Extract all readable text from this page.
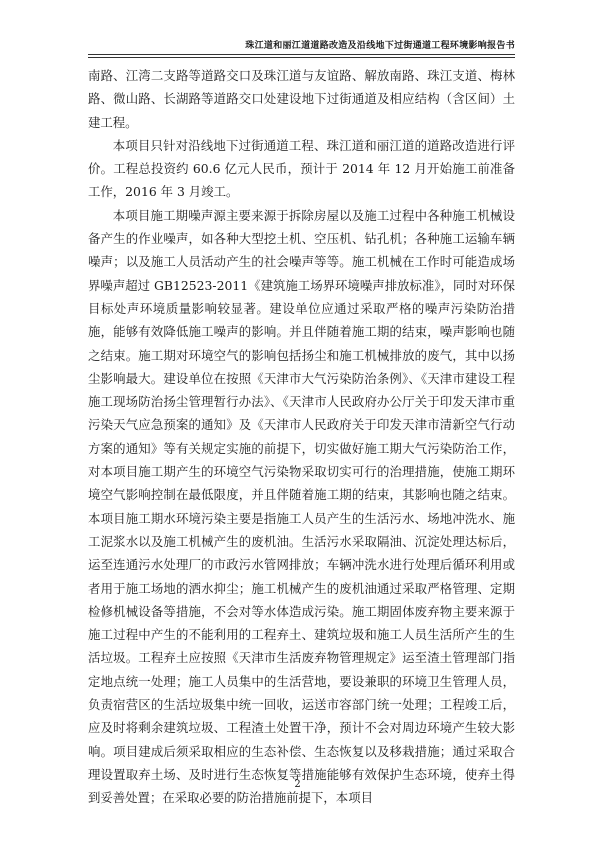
珠江道和丽江道道路改造及沿线地下过街通道工程环境影响报告书

南路、江湾二支路等道路交口及珠江道与友谊路、解放南路、珠江支道、梅林路、微山路、长湖路等道路交口处建设地下过街通道及相应结构（含区间）土建工程。

本项目只针对沿线地下过街通道工程、珠江道和丽江道的道路改造进行评价。工程总投资约 60.6 亿元人民币，预计于 2014 年 12 月开始施工前准备工作，2016 年 3 月竣工。

本项目施工期噪声源主要来源于拆除房屋以及施工过程中各种施工机械设备产生的作业噪声，如各种大型挖土机、空压机、钻孔机；各种施工运输车辆噪声；以及施工人员活动产生的社会噪声等等。施工机械在工作时可能造成场界噪声超过 GB12523-2011《建筑施工场界环境噪声排放标准》，同时对环保目标处声环境质量影响较显著。建设单位应通过采取严格的噪声污染防治措施，能够有效降低施工噪声的影响。并且伴随着施工期的结束，噪声影响也随之结束。施工期对环境空气的影响包括扬尘和施工机械排放的废气，其中以扬尘影响最大。建设单位在按照《天津市大气污染防治条例》、《天津市建设工程施工现场防治扬尘管理暂行办法》、《天津市人民政府办公厅关于印发天津市重污染天气应急预案的通知》及《天津市人民政府关于印发天津市清新空气行动方案的通知》等有关规定实施的前提下，切实做好施工期大气污染防治工作，对本项目施工期产生的环境空气污染物采取切实可行的治理措施，使施工期环境空气影响控制在最低限度，并且伴随着施工期的结束，其影响也随之结束。本项目施工期水环境污染主要是指施工人员产生的生活污水、场地冲洗水、施工泥浆水以及施工机械产生的废机油。生活污水采取隔油、沉淀处理达标后，运至连通污水处理厂的市政污水管网排放；车辆冲洗水进行处理后循环利用或者用于施工场地的洒水抑尘；施工机械产生的废机油通过采取严格管理、定期检修机械设备等措施，不会对等水体造成污染。施工期固体废弃物主要来源于施工过程中产生的不能利用的工程弃土、建筑垃圾和施工人员生活所产生的生活垃圾。工程弃土应按照《天津市生活废弃物管理规定》运至渣土管理部门指定地点统一处理；施工人员集中的生活营地，要设兼职的环境卫生管理人员，负责宿营区的生活垃圾集中统一回收，运送市容部门统一处理；工程竣工后，应及时将剩余建筑垃圾、工程渣土处置干净，预计不会对周边环境产生较大影响。项目建成后须采取相应的生态补偿、生态恢复以及移栽措施；通过采取合理设置取弃土场、及时进行生态恢复等措施能够有效保护生态环境，使弃土得到妥善处置；在采取必要的防治措施前提下，本项目

2
